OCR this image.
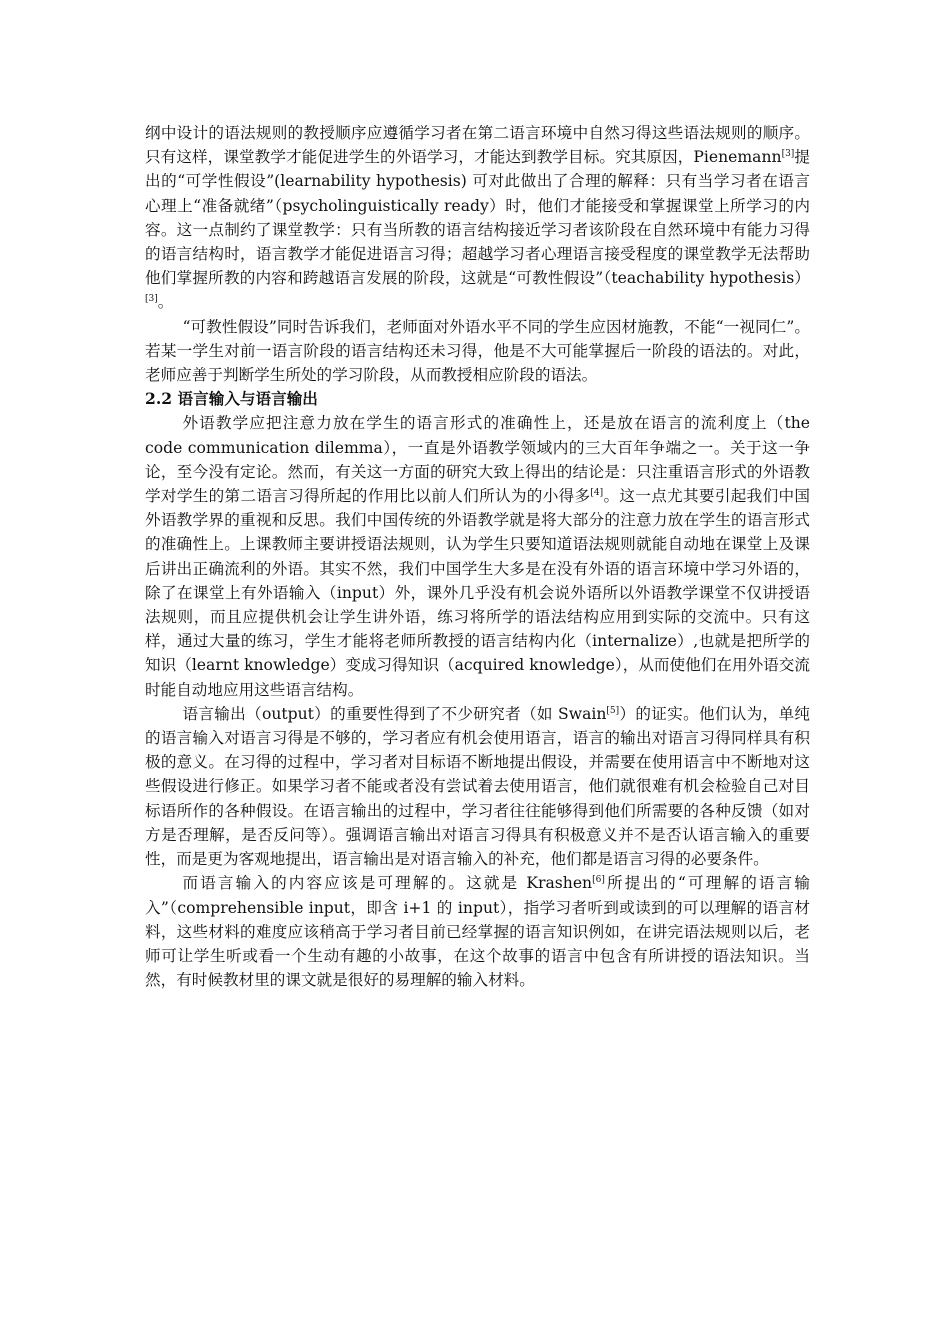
纲中设计的语法规则的教授顺序应遵循学习者在第二语言环境中自然习得这些语法规则的顺序。只有这样，课堂教学才能促进学生的外语学习，才能达到教学目标。究其原因，Pienemann[3]提出的“可学性假设”(learnability hypothesis) 可对此做出了合理的解释：只有当学习者在语言心理上“准备就绪”（psycholinguistically ready）时，他们才能接受和掌握课堂上所学习的内容。这一点制约了课堂教学：只有当所教的语言结构接近学习者该阶段在自然环境中有能力习得的语言结构时，语言教学才能促进语言习得；超越学习者心理语言接受程度的课堂教学无法帮助他们掌握所教的内容和跨越语言发展的阶段，这就是“可教性假设”（teachability hypothesis）[3]。

“可教性假设”同时告诉我们，老师面对外语水平不同的学生应因材施教，不能“一视同仁”。若某一学生对前一语言阶段的语言结构还未习得，他是不大可能掌握后一阶段的语法的。对此，老师应善于判断学生所处的学习阶段，从而教授相应阶段的语法。

2.2 语言输入与语言输出

外语教学应把注意力放在学生的语言形式的准确性上，还是放在语言的流利度上（the code communication dilemma），一直是外语教学领域内的三大百年争端之一。关于这一争论，至今没有定论。然而，有关这一方面的研究大致上得出的结论是：只注重语言形式的外语教学对学生的第二语言习得所起的作用比以前人们所认为的小得多[4]。这一点尤其要引起我们中国外语教学界的重视和反思。我们中国传统的外语教学就是将大部分的注意力放在学生的语言形式的准确性上。上课教师主要讲授语法规则，认为学生只要知道语法规则就能自动地在课堂上及课后讲出正确流利的外语。其实不然，我们中国学生大多是在没有外语的语言环境中学习外语的，除了在课堂上有外语输入（input）外，课外几乎没有机会说外语所以外语教学课堂不仅讲授语法规则，而且应提供机会让学生讲外语，练习将所学的语法结构应用到实际的交流中。只有这样，通过大量的练习，学生才能将老师所教授的语言结构内化（internalize）,也就是把所学的知识（learnt knowledge）变成习得知识（acquired knowledge），从而使他们在用外语交流时能自动地应用这些语言结构。

语言输出（output）的重要性得到了不少研究者（如 Swain[5]）的证实。他们认为，单纯的语言输入对语言习得是不够的，学习者应有机会使用语言，语言的输出对语言习得同样具有积极的意义。在习得的过程中，学习者对目标语不断地提出假设，并需要在使用语言中不断地对这些假设进行修正。如果学习者不能或者没有尝试着去使用语言，他们就很难有机会检验自己对目标语所作的各种假设。在语言输出的过程中，学习者往往能够得到他们所需要的各种反馈（如对方是否理解，是否反问等）。强调语言输出对语言习得具有积极意义并不是否认语言输入的重要性，而是更为客观地提出，语言输出是对语言输入的补充，他们都是语言习得的必要条件。

而语言输入的内容应该是可理解的。这就是 Krashen[6]所提出的“可理解的语言输入”（comprehensible input，即含 i+1 的 input），指学习者听到或读到的可以理解的语言材料，这些材料的难度应该稍高于学习者目前已经掌握的语言知识例如，在讲完语法规则以后，老师可让学生听或看一个生动有趣的小故事，在这个故事的语言中包含有所讲授的语法知识。当然，有时候教材里的课文就是很好的易理解的输入材料。
